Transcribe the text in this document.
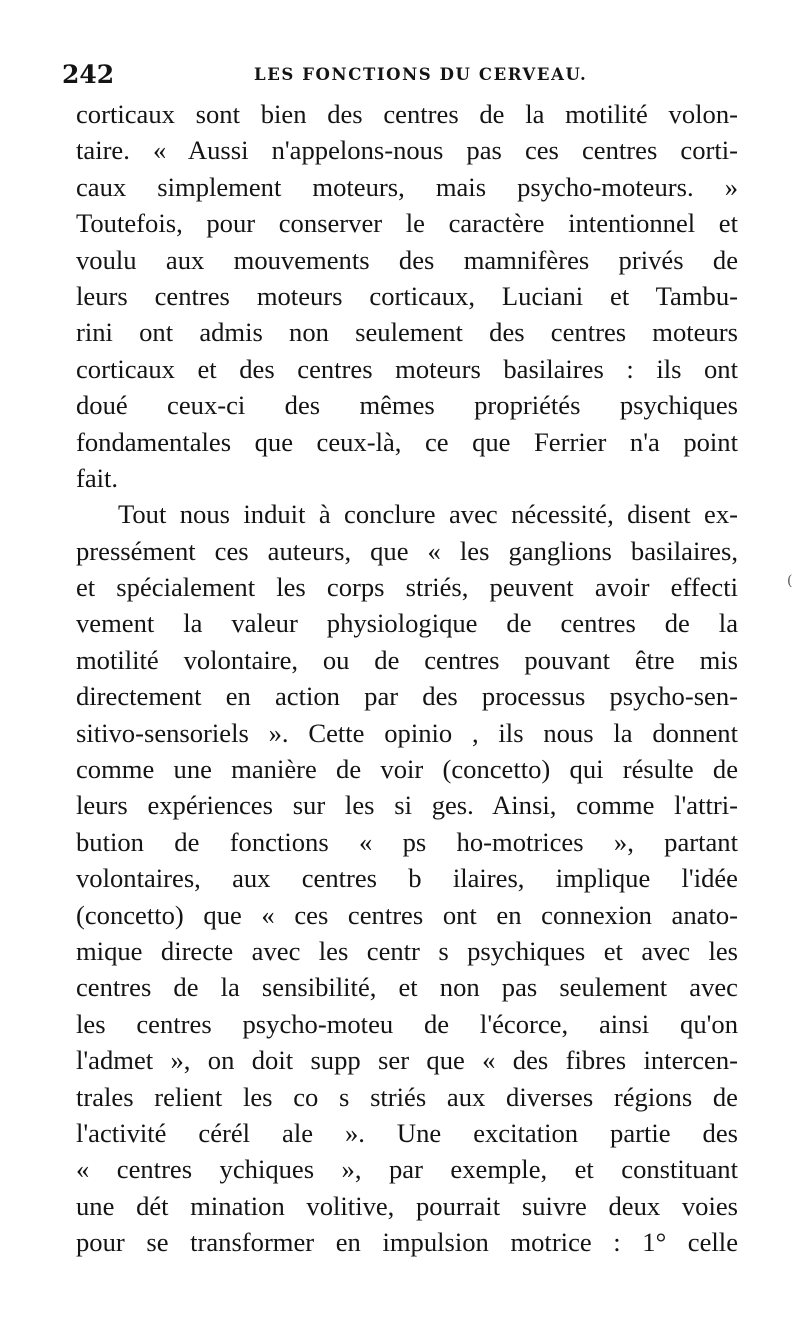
242	LES FONCTIONS DU CERVEAU.
corticaux sont bien des centres de la motilité volon-
taire. « Aussi n'appelons-nous pas ces centres corti-
caux simplement moteurs, mais psycho-moteurs. »
Toutefois, pour conserver le caractère intentionnel et
voulu aux mouvements des mamnifères privés de
leurs centres moteurs corticaux, Luciani et Tambu-
rini ont admis non seulement des centres moteurs
corticaux et des centres moteurs basilaires : ils ont
doué ceux-ci des mêmes propriétés psychiques
fondamentales que ceux-là, ce que Ferrier n'a point
fait.
Tout nous induit à conclure avec nécessité, disent ex-
pressément ces auteurs, que « les ganglions basilaires,
et spécialement les corps striés, peuvent avoir effecti
vement la valeur physiologique de centres de la
motilité volontaire, ou de centres pouvant être mis
directement en action par des processus psycho-sen-
sitivo-sensoriels ». Cette opinio , ils nous la donnent
comme une manière de voir (concetto) qui résulte de
leurs expériences sur les si ges. Ainsi, comme l'attri-
bution de fonctions « ps ho-motrices », partant
volontaires, aux centres b ilaires, implique l'idée
(concetto) que « ces centres ont en connexion anato-
mique directe avec les centr s psychiques et avec les
centres de la sensibilité, et non pas seulement avec
les centres psycho-moteu de l'écorce, ainsi qu'on
l'admet », on doit supp ser que « des fibres intercen-
trales relient les co s striés aux diverses régions de
l'activité cérél ale ». Une excitation partie des
« centres ychiques », par exemple, et constituant
une dét mination volitive, pourrait suivre deux voies
pour se transformer en impulsion motrice : 1° celle
(
